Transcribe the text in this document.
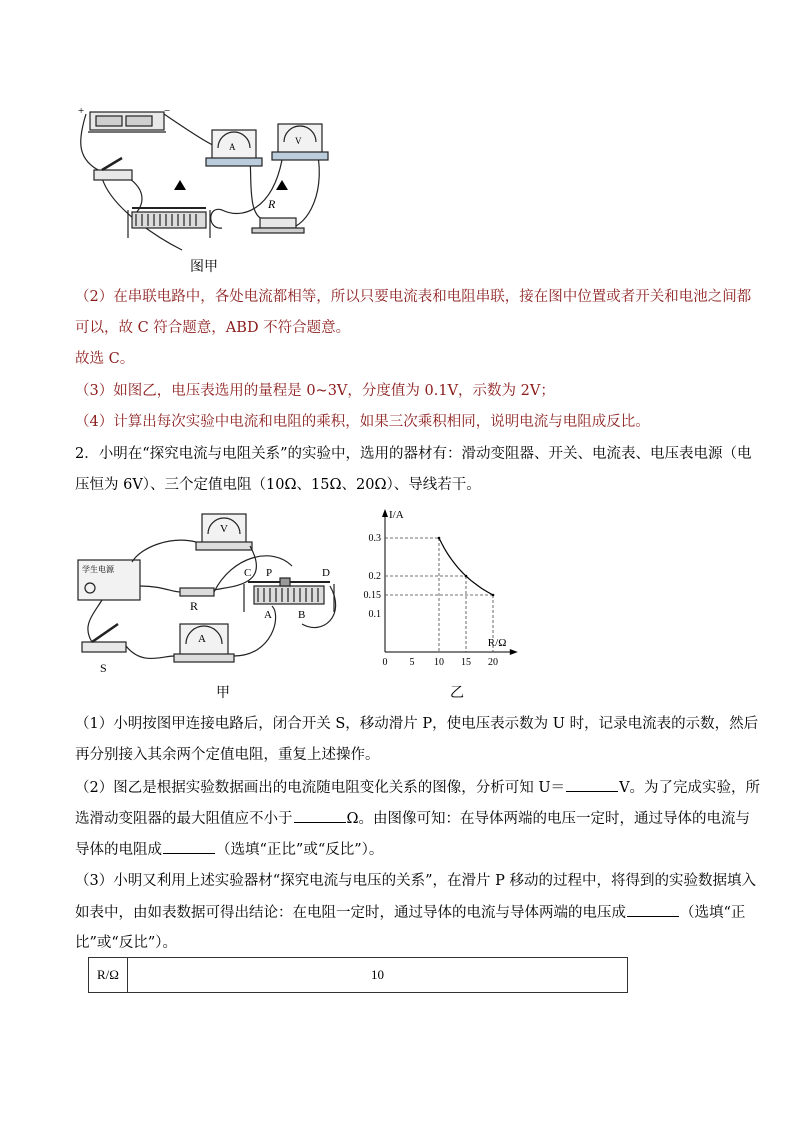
A
V
R
+	−
图甲
（2）在串联电路中，各处电流都相等，所以只要电流表和电阻串联，接在图中位置或者开关和电池之间都
可以，故 C 符合题意，ABD 不符合题意。
故选 C。
（3）如图乙，电压表选用的量程是 0~3V，分度值为 0.1V，示数为 2V；
（4）计算出每次实验中电流和电阻的乘积，如果三次乘积相同，说明电流与电阻成反比。
2．小明在“探究电流与电阻关系”的实验中，选用的器材有：滑动变阻器、开关、电流表、电压表电源（电
压恒为 6V）、三个定值电阻（10Ω、15Ω、20Ω）、导线若干。
学生电源
V
A
R
S
C P	D
A B
甲
I/A
R/Ω
0 5 10 15 20
0.1
0.15
0.2
0.3
乙
（1）小明按图甲连接电路后，闭合开关 S，移动滑片 P，使电压表示数为 U 时，记录电流表的示数，然后
再分别接入其余两个定值电阻，重复上述操作。
（2）图乙是根据实验数据画出的电流随电阻变化关系的图像，分析可知 U＝	V。为了完成实验，所
选滑动变阻器的最大阻值应不小于	Ω。由图像可知：在导体两端的电压一定时，通过导体的电流与
导体的电阻成	（选填“正比”或“反比”）。
（3）小明又利用上述实验器材“探究电流与电压的关系”，在滑片 P 移动的过程中，将得到的实验数据填入
如表中，由如表数据可得出结论：在电阻一定时，通过导体的电流与导体两端的电压成	（选填“正
比”或“反比”）。
R/Ω	10
